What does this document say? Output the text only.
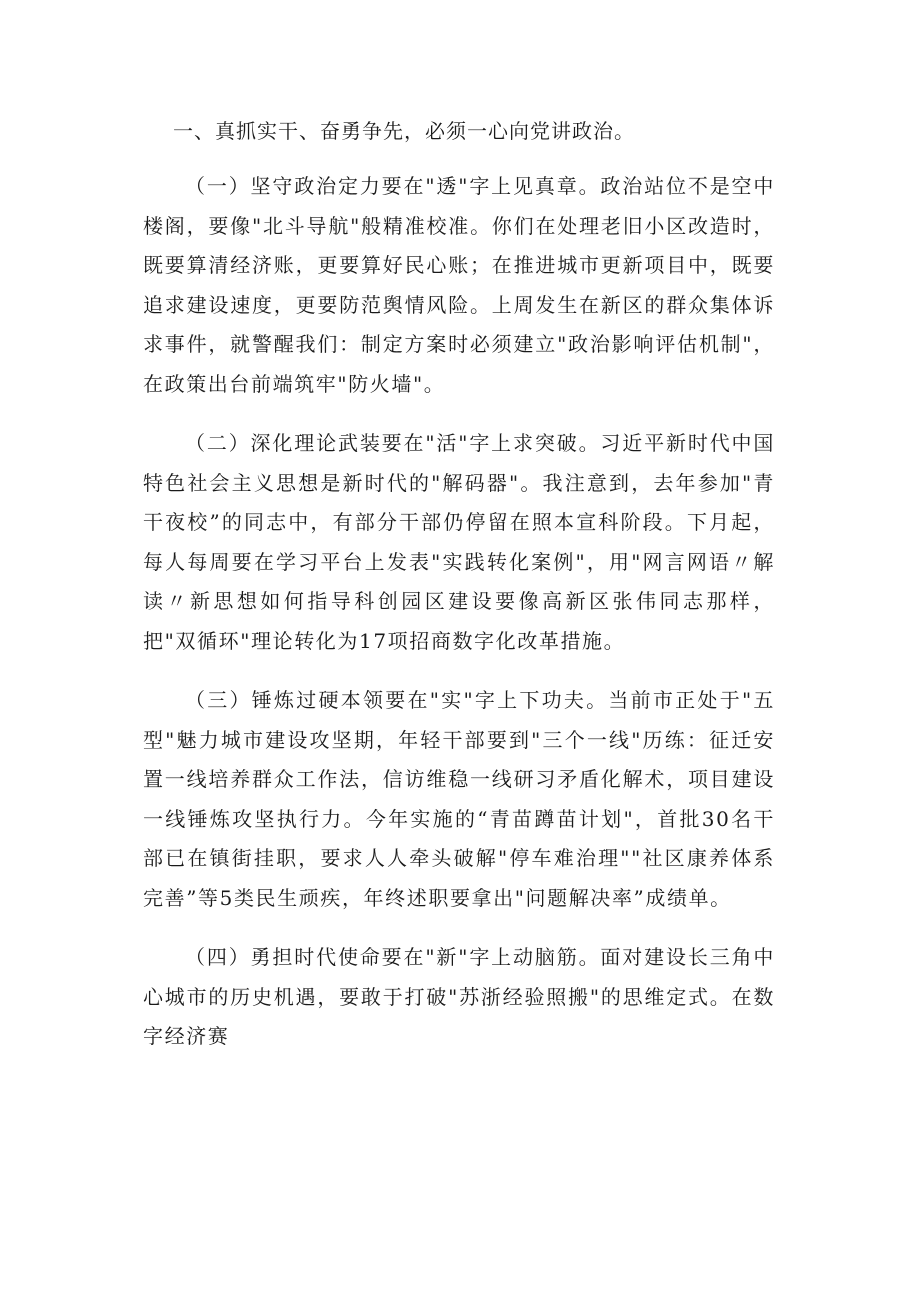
一、真抓实干、奋勇争先，必须一心向党讲政治。

（一）坚守政治定力要在"透"字上见真章。政治站位不是空中楼阁，要像"北斗导航"般精准校准。你们在处理老旧小区改造时，既要算清经济账，更要算好民心账；在推进城市更新项目中，既要追求建设速度，更要防范舆情风险。上周发生在新区的群众集体诉求事件，就警醒我们：制定方案时必须建立"政治影响评估机制"，在政策出台前端筑牢"防火墙"。

（二）深化理论武装要在"活"字上求突破。习近平新时代中国特色社会主义思想是新时代的"解码器"。我注意到，去年参加"青干夜校”的同志中，有部分干部仍停留在照本宣科阶段。下月起，每人每周要在学习平台上发表"实践转化案例"，用"网言网语〃解读〃新思想如何指导科创园区建设要像高新区张伟同志那样，把"双循环"理论转化为17项招商数字化改革措施。

（三）锤炼过硬本领要在"实"字上下功夫。当前市正处于"五型"魅力城市建设攻坚期，年轻干部要到"三个一线"历练：征迁安置一线培养群众工作法，信访维稳一线研习矛盾化解术，项目建设一线锤炼攻坚执行力。今年实施的“青苗蹲苗计划"，首批30名干部已在镇街挂职，要求人人牵头破解"停车难治理""社区康养体系完善”等5类民生顽疾，年终述职要拿出"问题解决率”成绩单。

（四）勇担时代使命要在"新"字上动脑筋。面对建设长三角中心城市的历史机遇，要敢于打破"苏浙经验照搬"的思维定式。在数字经济赛
